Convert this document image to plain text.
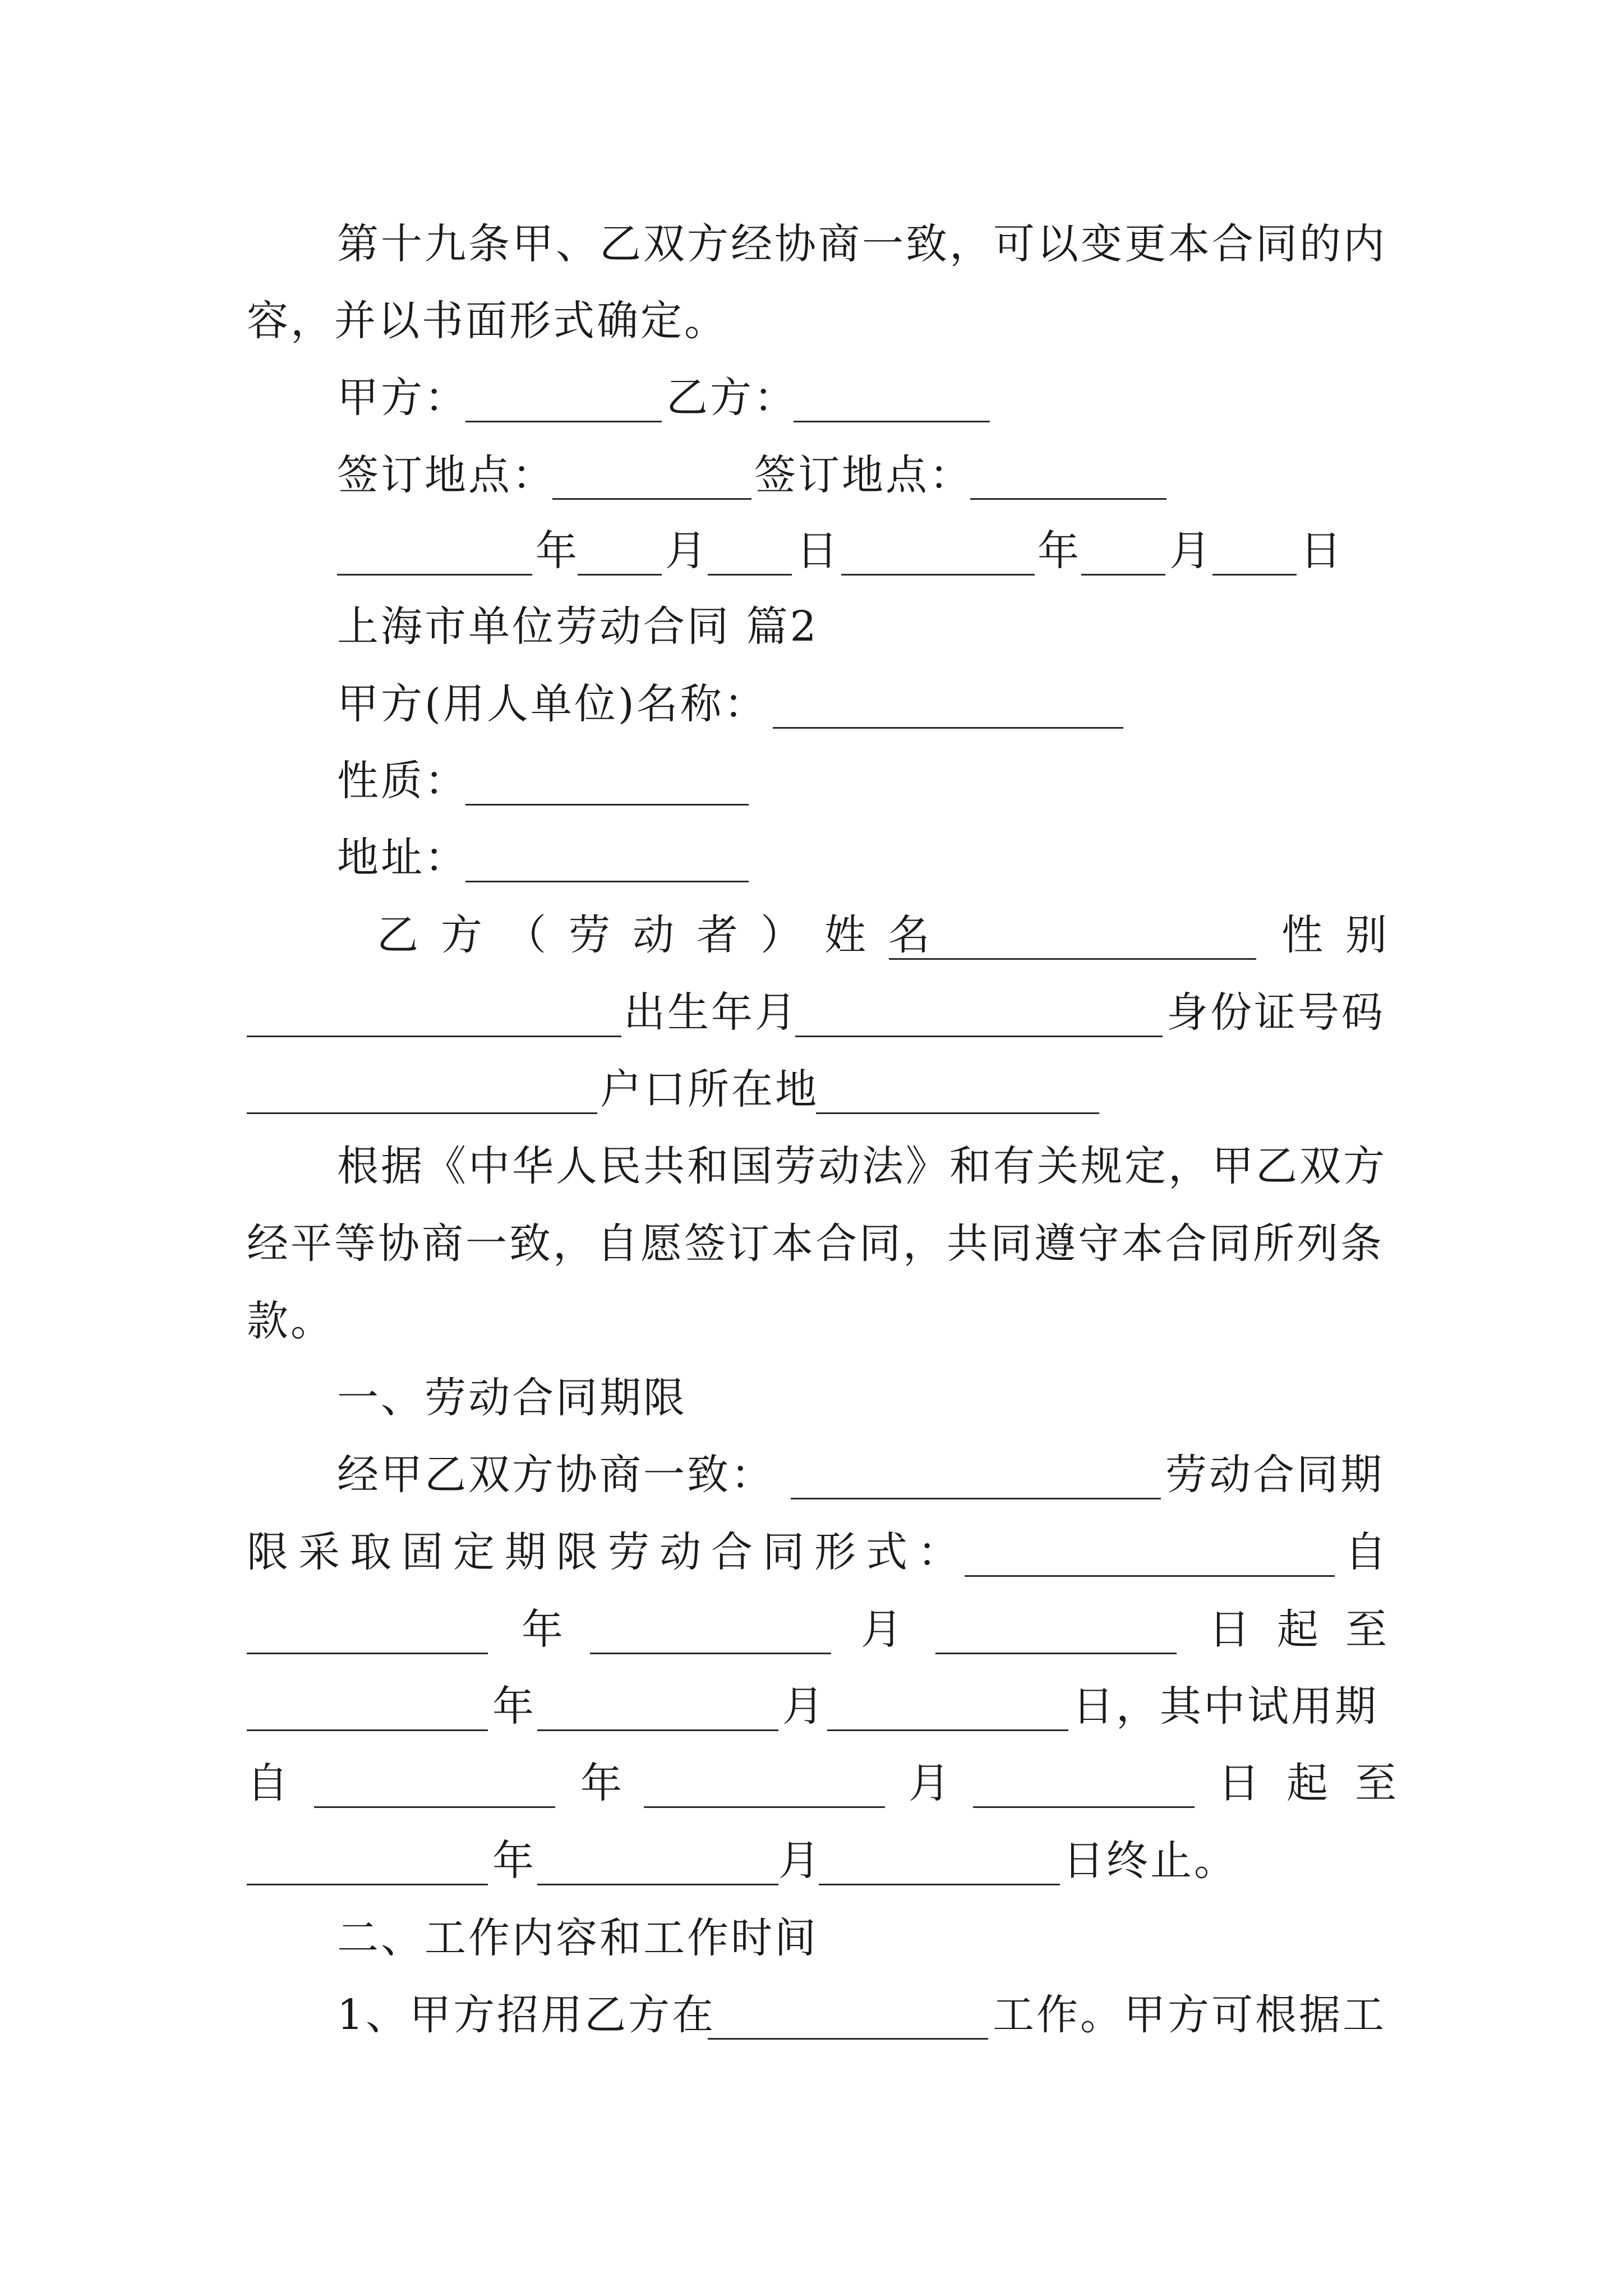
第十九条甲、乙双方经协商一致，可以变更本合同的内
容，并以书面形式确定。
甲方：	乙方：
签订地点：	签订地点：
年 月 日	年 月 日
上海市单位劳动合同 篇2
甲方(用人单位)名称：
性质：
地址：
乙方（劳动者）姓名	性别
出生年月	身份证号码
户口所在地
根据《中华人民共和国劳动法》和有关规定，甲乙双方
经平等协商一致，自愿签订本合同，共同遵守本合同所列条
款。
一、劳动合同期限
经甲乙双方协商一致：	劳动合同期
限采取固定期限劳动合同形式：	自
年	月	日起至
年	月	日，其中试用期
自	年	月	日起至
年	月	日终止。
二、工作内容和工作时间
1、甲方招用乙方在	工作。甲方可根据工
